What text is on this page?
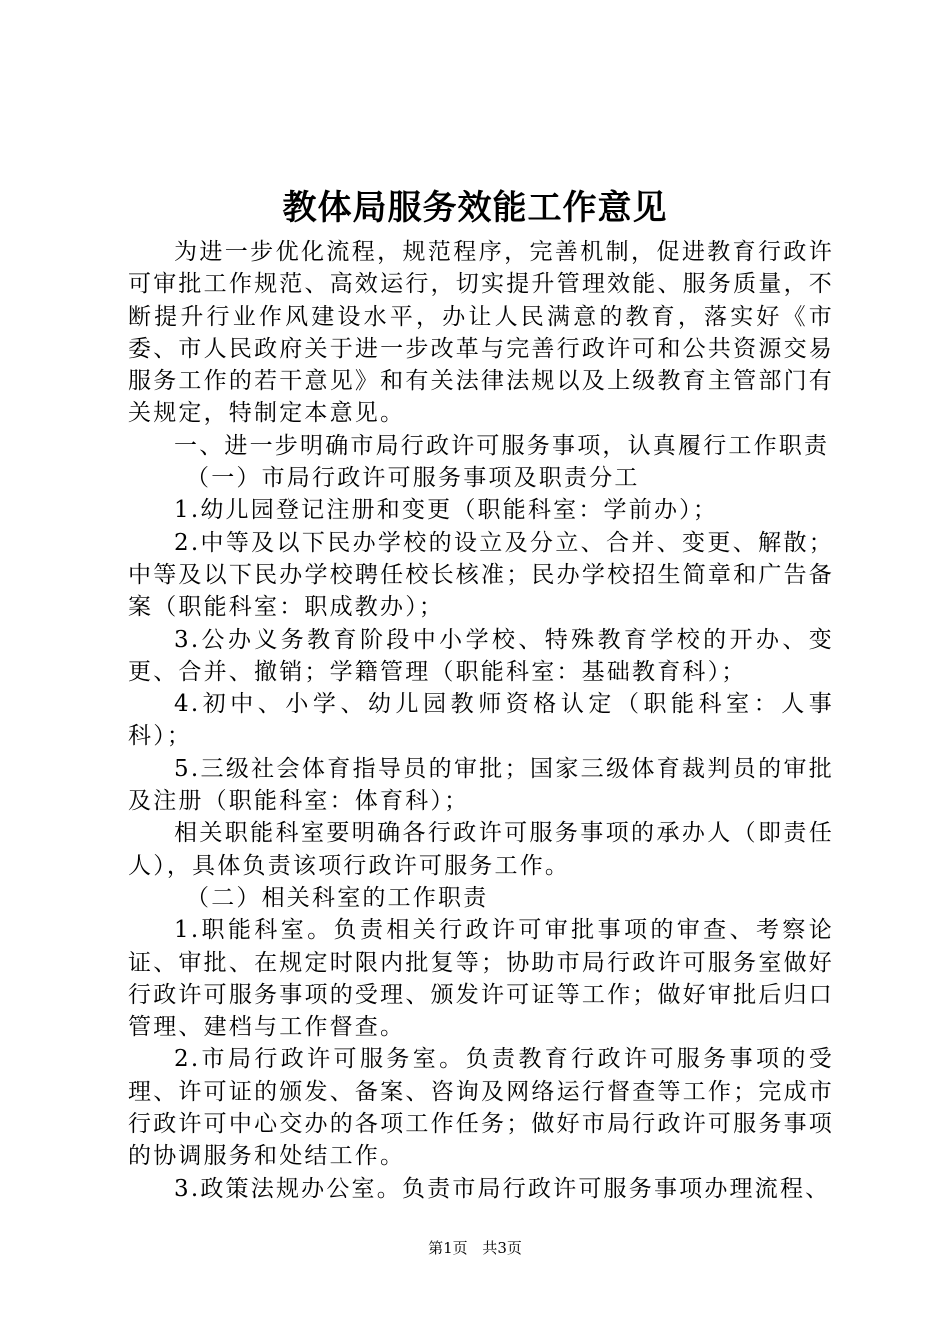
教体局服务效能工作意见

为进一步优化流程，规范程序，完善机制，促进教育行政许可审批工作规范、高效运行，切实提升管理效能、服务质量，不断提升行业作风建设水平，办让人民满意的教育，落实好《市委、市人民政府关于进一步改革与完善行政许可和公共资源交易服务工作的若干意见》和有关法律法规以及上级教育主管部门有关规定，特制定本意见。

一、进一步明确市局行政许可服务事项，认真履行工作职责

（一）市局行政许可服务事项及职责分工

1.幼儿园登记注册和变更（职能科室：学前办）；

2.中等及以下民办学校的设立及分立、合并、变更、解散；中等及以下民办学校聘任校长核准；民办学校招生简章和广告备案（职能科室：职成教办）；

3.公办义务教育阶段中小学校、特殊教育学校的开办、变更、合并、撤销；学籍管理（职能科室：基础教育科）；

4.初中、小学、幼儿园教师资格认定（职能科室：人事科）；

5.三级社会体育指导员的审批；国家三级体育裁判员的审批及注册（职能科室：体育科）；

相关职能科室要明确各行政许可服务事项的承办人（即责任人），具体负责该项行政许可服务工作。

（二）相关科室的工作职责

1.职能科室。负责相关行政许可审批事项的审查、考察论证、审批、在规定时限内批复等；协助市局行政许可服务室做好行政许可服务事项的受理、颁发许可证等工作；做好审批后归口管理、建档与工作督查。

2.市局行政许可服务室。负责教育行政许可服务事项的受理、许可证的颁发、备案、咨询及网络运行督查等工作；完成市行政许可中心交办的各项工作任务；做好市局行政许可服务事项的协调服务和处结工作。

3.政策法规办公室。负责市局行政许可服务事项办理流程、

第1页 共3页
